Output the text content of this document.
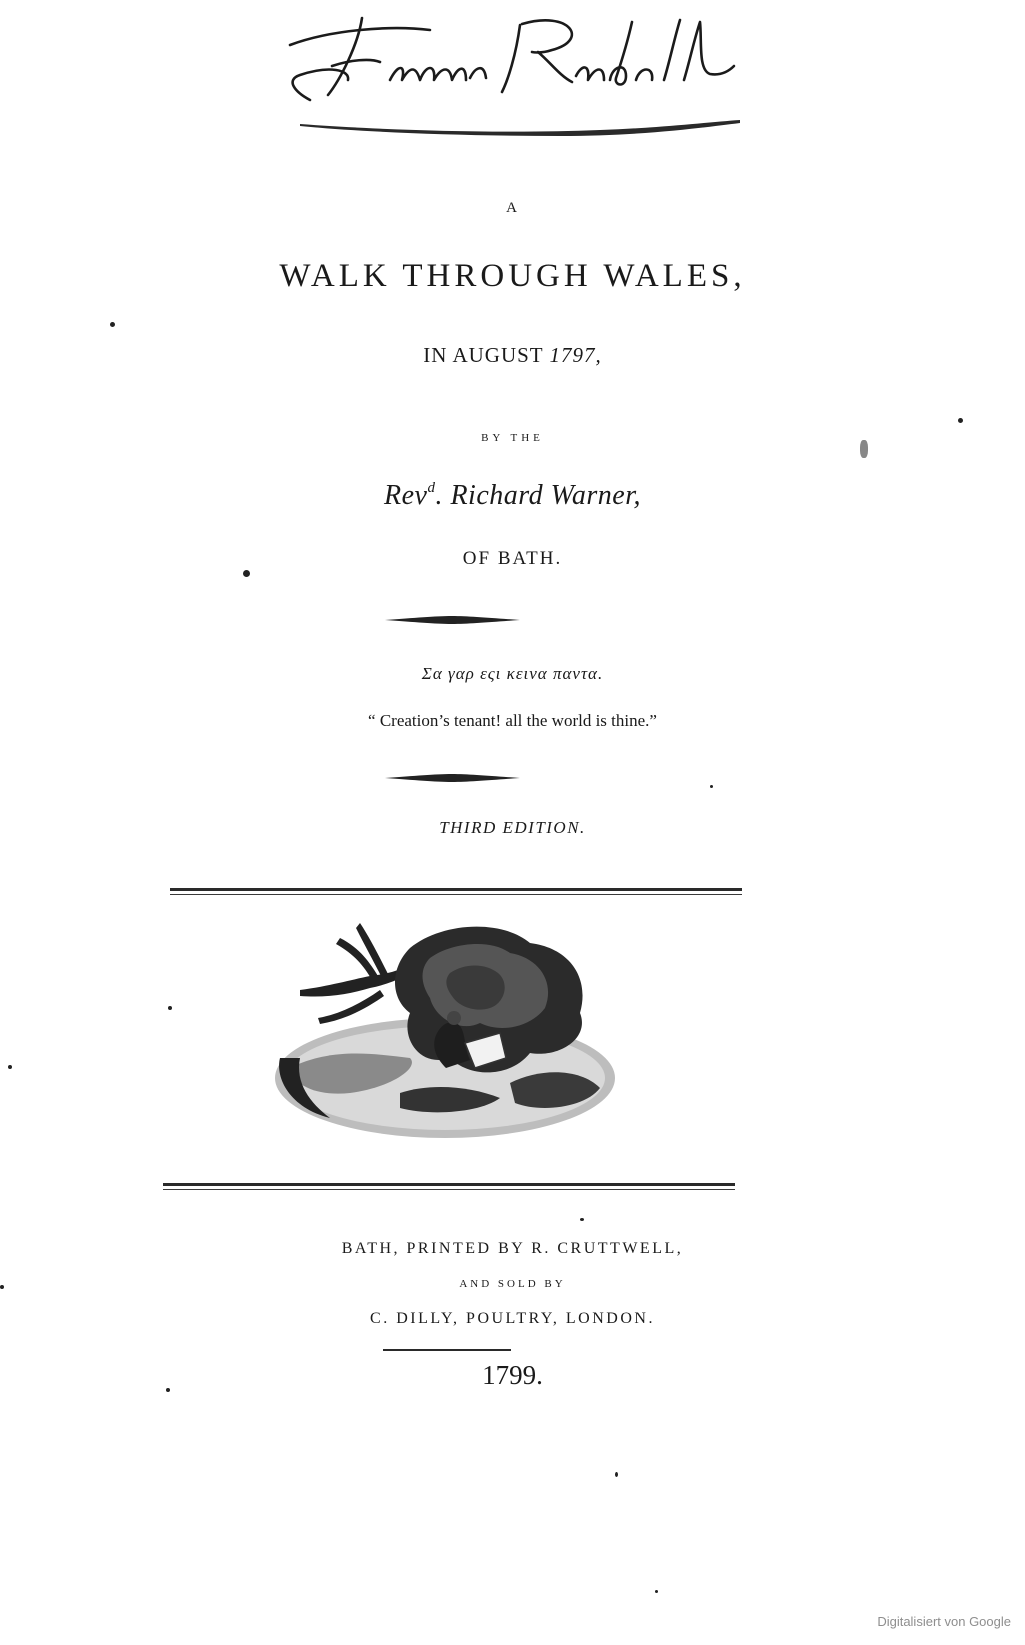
A
WALK THROUGH WALES,
IN AUGUST 1797,
BY THE
Rev$^d$. Richard Warner,
OF BATH.
Σα γαρ εςι κεινα παντα.
“ Creation’s tenant! all the world is thine.”
THIRD EDITION.
BATH, PRINTED BY R. CRUTTWELL,
AND SOLD BY
C. DILLY, POULTRY, LONDON.
1799.
Digitalisiert von Google
